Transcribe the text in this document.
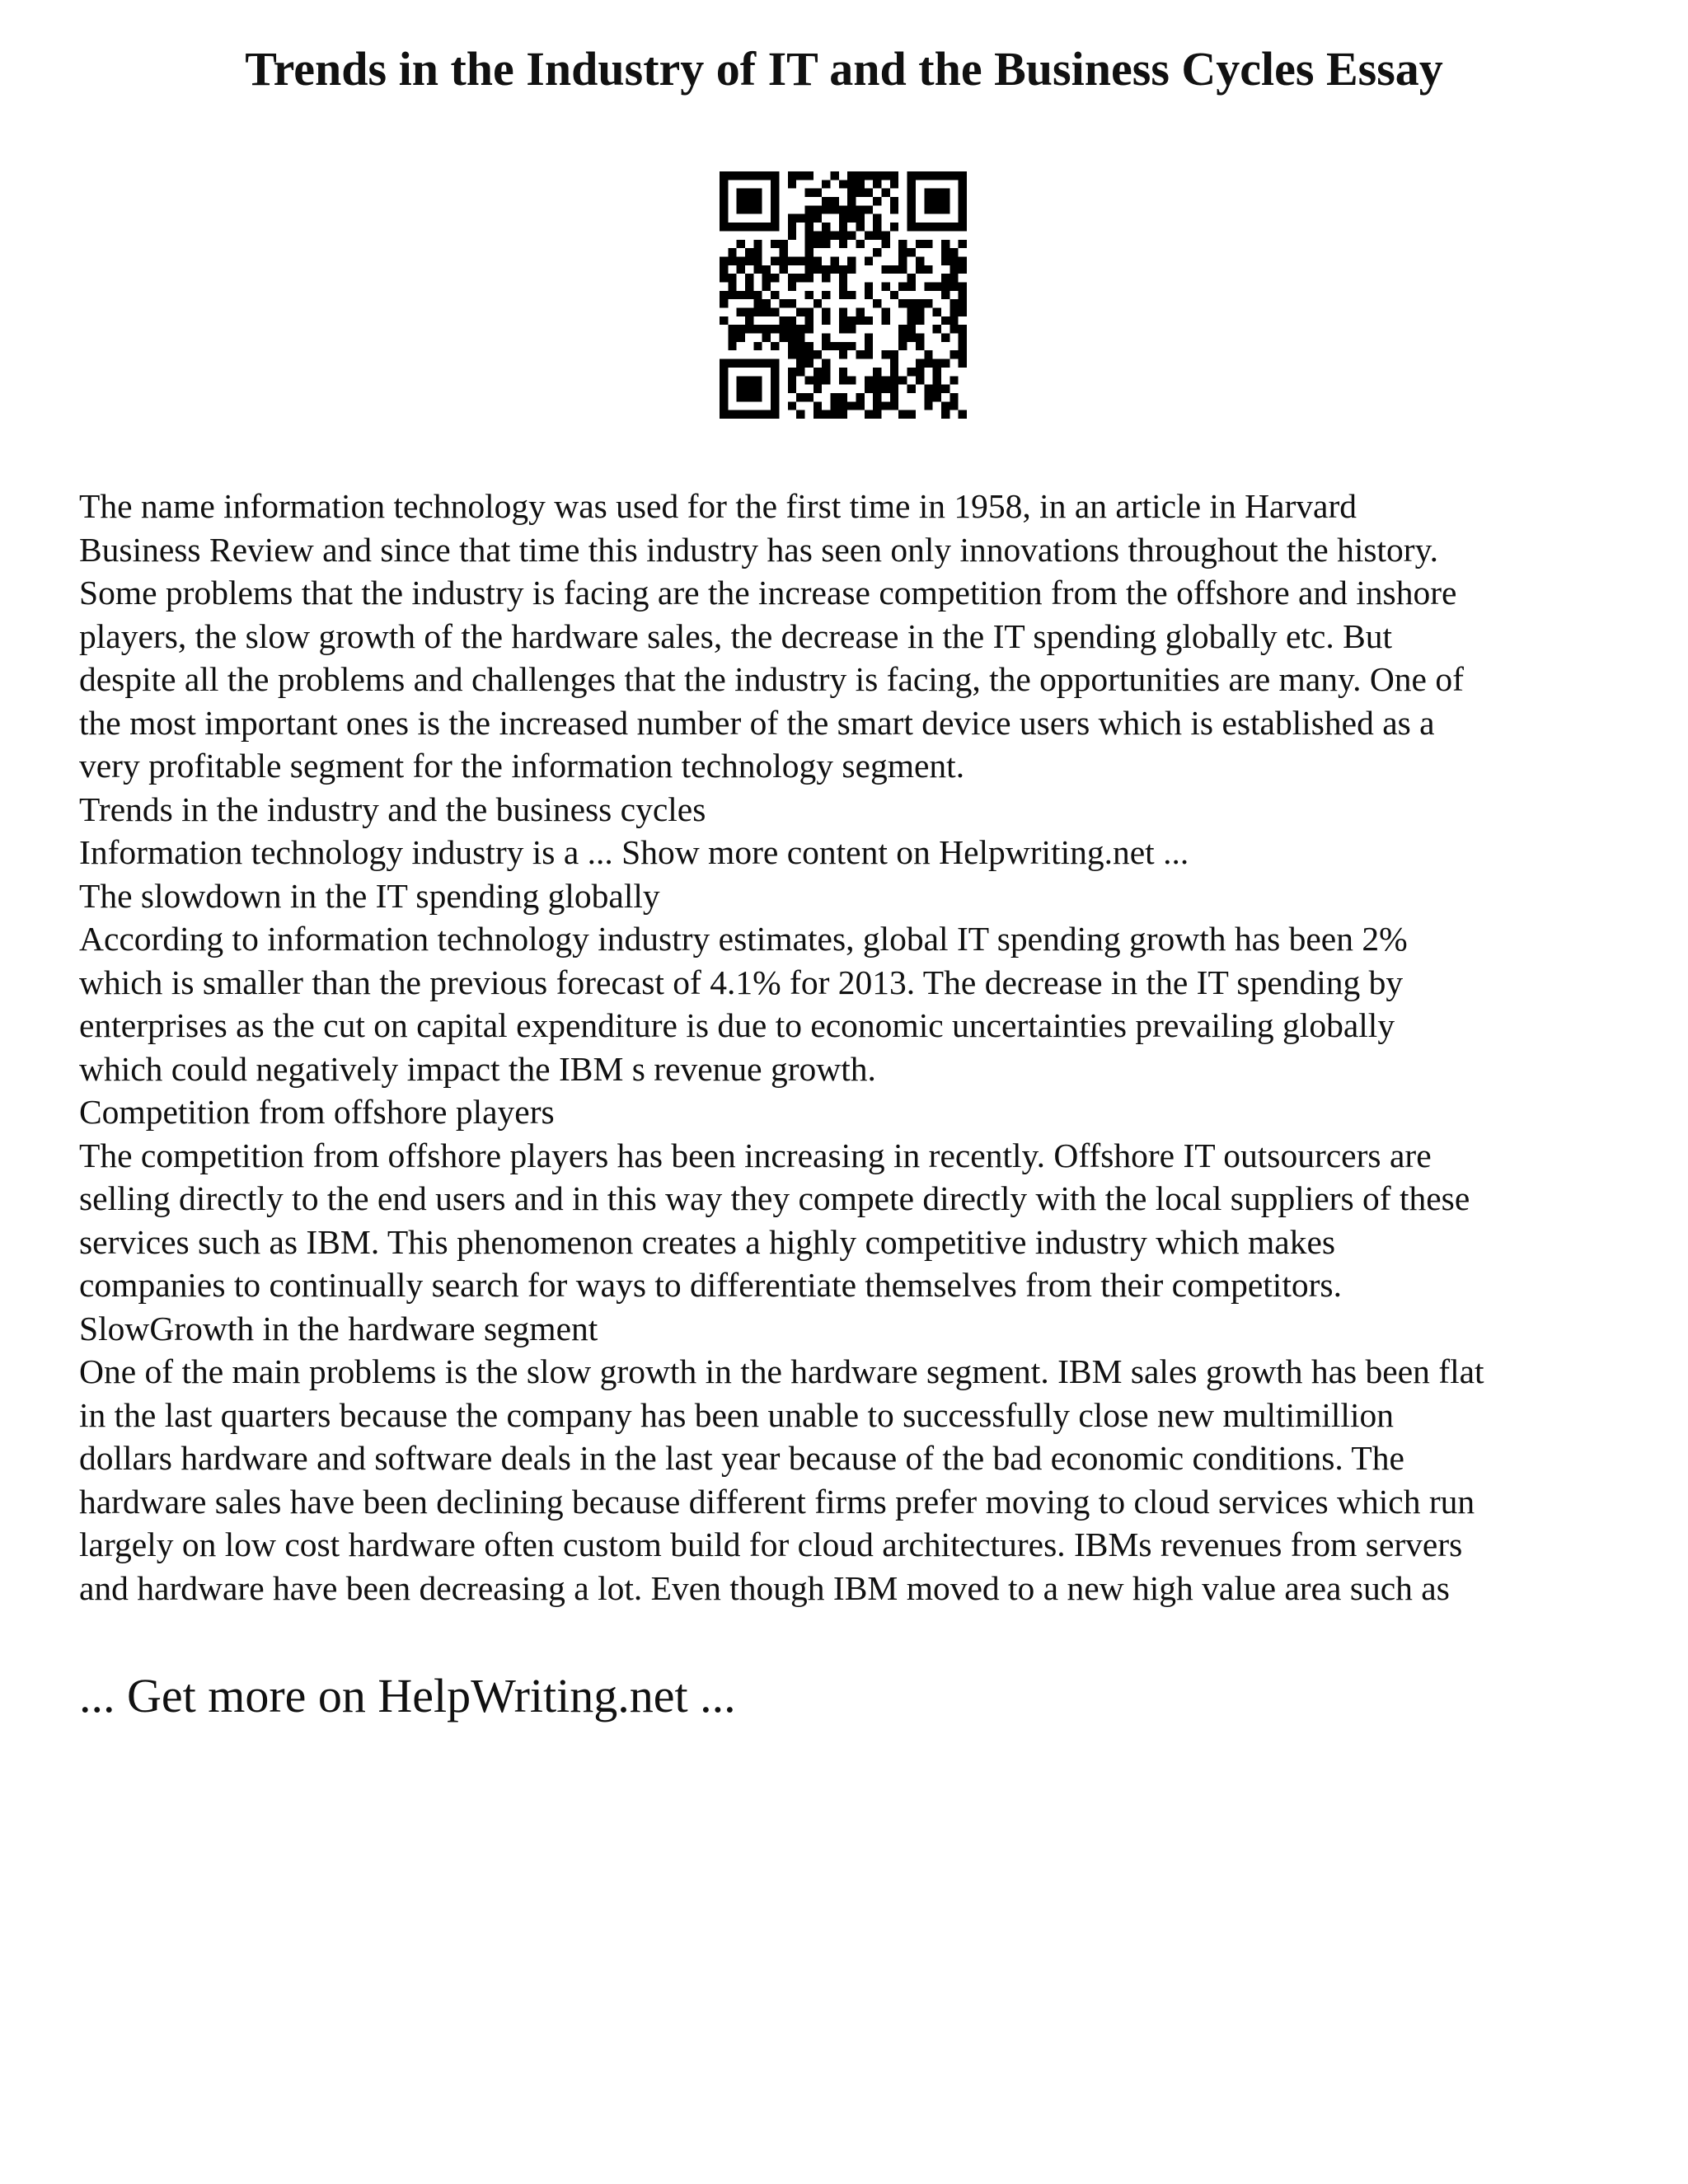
Trends in the Industry of IT and the Business Cycles Essay
The name information technology was used for the first time in 1958, in an article in Harvard
Business Review and since that time this industry has seen only innovations throughout the history.
Some problems that the industry is facing are the increase competition from the offshore and inshore
players, the slow growth of the hardware sales, the decrease in the IT spending globally etc. But
despite all the problems and challenges that the industry is facing, the opportunities are many. One of
the most important ones is the increased number of the smart device users which is established as a
very profitable segment for the information technology segment.
Trends in the industry and the business cycles
Information technology industry is a ... Show more content on Helpwriting.net ...
The slowdown in the IT spending globally
According to information technology industry estimates, global IT spending growth has been 2%
which is smaller than the previous forecast of 4.1% for 2013. The decrease in the IT spending by
enterprises as the cut on capital expenditure is due to economic uncertainties prevailing globally
which could negatively impact the IBM s revenue growth.
Competition from offshore players
The competition from offshore players has been increasing in recently. Offshore IT outsourcers are
selling directly to the end users and in this way they compete directly with the local suppliers of these
services such as IBM. This phenomenon creates a highly competitive industry which makes
companies to continually search for ways to differentiate themselves from their competitors.
SlowGrowth in the hardware segment
One of the main problems is the slow growth in the hardware segment. IBM sales growth has been flat
in the last quarters because the company has been unable to successfully close new multimillion
dollars hardware and software deals in the last year because of the bad economic conditions. The
hardware sales have been declining because different firms prefer moving to cloud services which run
largely on low cost hardware often custom build for cloud architectures. IBMs revenues from servers
and hardware have been decreasing a lot. Even though IBM moved to a new high value area such as
... Get more on HelpWriting.net ...
